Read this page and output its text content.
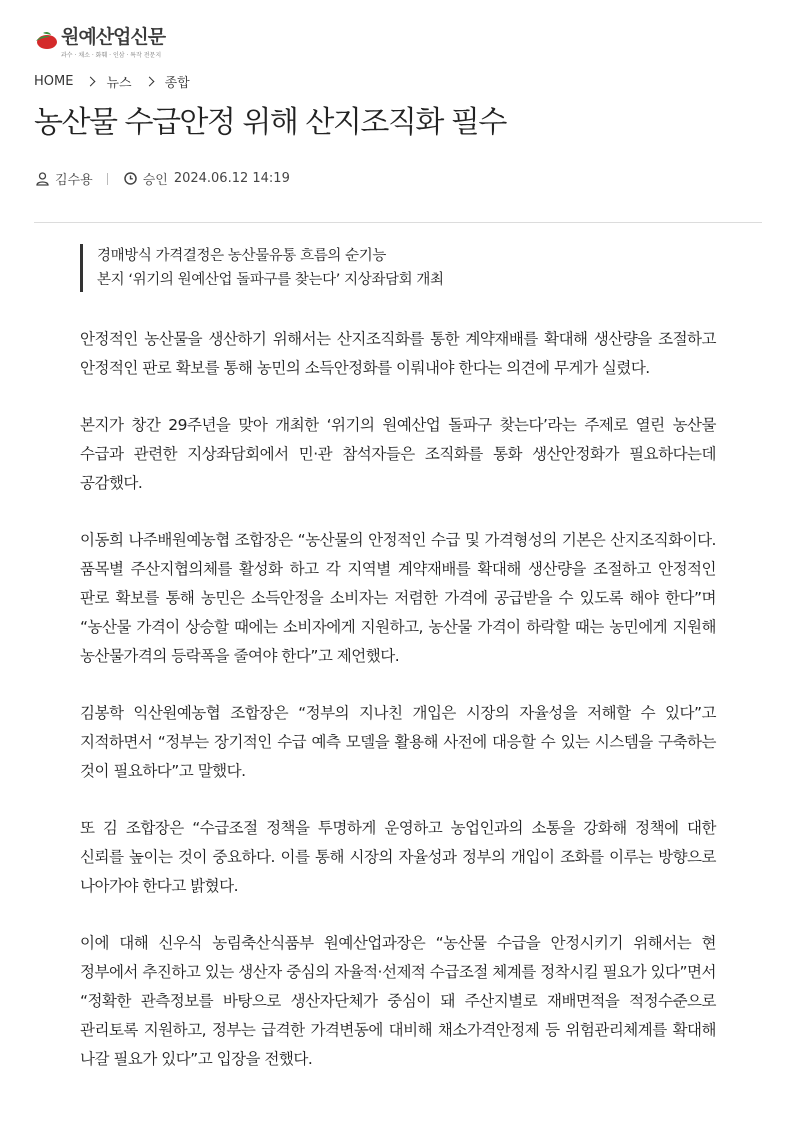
원예산업신문
과수 · 채소 · 화훼 · 인삼 · 특작 전문지
HOME	뉴스	종합
농산물 수급안정 위해 산지조직화 필수
김수용	승인 2024.06.12 14:19
경매방식 가격결정은 농산물유통 흐름의 순기능
본지 ‘위기의 원예산업 돌파구를 찾는다’ 지상좌담회 개최

안정적인 농산물을 생산하기 위해서는 산지조직화를 통한 계약재배를 확대해 생산량을 조절하고 안정적인 판로 확보를 통해 농민의 소득안정화를 이뤄내야 한다는 의견에 무게가 실렸다.

본지가 창간 29주년을 맞아 개최한 ‘위기의 원예산업 돌파구 찾는다’라는 주제로 열린 농산물 수급과 관련한 지상좌담회에서 민·관 참석자들은 조직화를 통화 생산안정화가 필요하다는데 공감했다.

이동희 나주배원예농협 조합장은 “농산물의 안정적인 수급 및 가격형성의 기본은 산지조직화이다. 품목별 주산지협의체를 활성화 하고 각 지역별 계약재배를 확대해 생산량을 조절하고 안정적인 판로 확보를 통해 농민은 소득안정을 소비자는 저렴한 가격에 공급받을 수 있도록 해야 한다”며 “농산물 가격이 상승할 때에는 소비자에게 지원하고, 농산물 가격이 하락할 때는 농민에게 지원해 농산물가격의 등락폭을 줄여야 한다”고 제언했다.

김봉학 익산원예농협 조합장은 “정부의 지나친 개입은 시장의 자율성을 저해할 수 있다”고 지적하면서 “정부는 장기적인 수급 예측 모델을 활용해 사전에 대응할 수 있는 시스템을 구축하는 것이 필요하다”고 말했다.

또 김 조합장은 “수급조절 정책을 투명하게 운영하고 농업인과의 소통을 강화해 정책에 대한 신뢰를 높이는 것이 중요하다. 이를 통해 시장의 자율성과 정부의 개입이 조화를 이루는 방향으로 나아가야 한다고 밝혔다.

이에 대해 신우식 농림축산식품부 원예산업과장은 “농산물 수급을 안정시키기 위해서는 현 정부에서 추진하고 있는 생산자 중심의 자율적·선제적 수급조절 체계를 정착시킬 필요가 있다”면서 “정확한 관측정보를 바탕으로 생산자단체가 중심이 돼 주산지별로 재배면적을 적정수준으로 관리토록 지원하고, 정부는 급격한 가격변동에 대비해 채소가격안정제 등 위험관리체계를 확대해 나갈 필요가 있다”고 입장을 전했다.
